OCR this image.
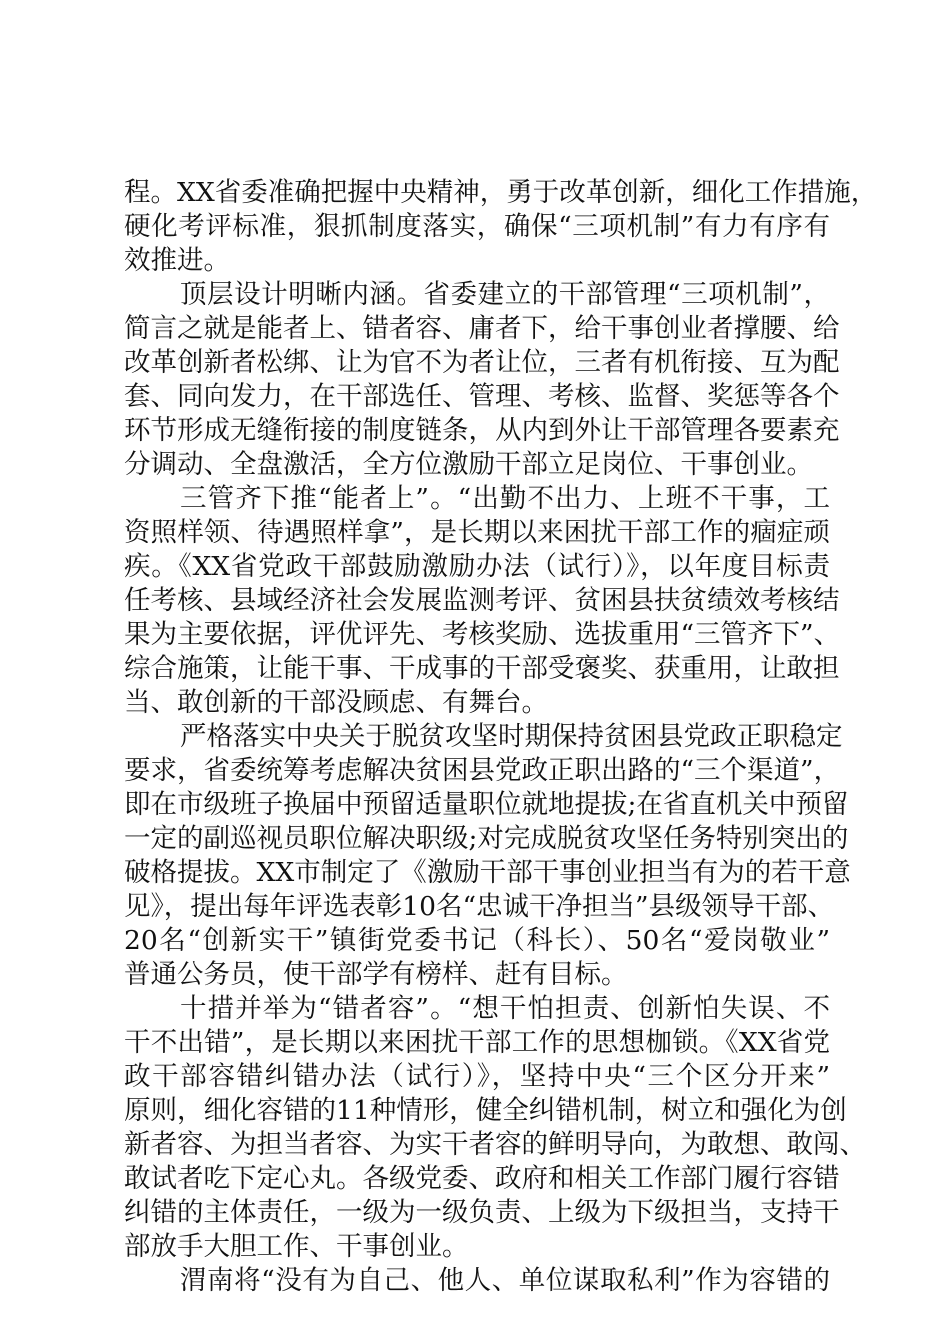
程。XX省委准确把握中央精神，勇于改革创新，细化工作措施，
硬化考评标准，狠抓制度落实，确保“三项机制”有力有序有
效推进。
顶层设计明晰内涵。省委建立的干部管理“三项机制”，
简言之就是能者上、错者容、庸者下，给干事创业者撑腰、给
改革创新者松绑、让为官不为者让位，三者有机衔接、互为配
套、同向发力，在干部选任、管理、考核、监督、奖惩等各个
环节形成无缝衔接的制度链条，从内到外让干部管理各要素充
分调动、全盘激活，全方位激励干部立足岗位、干事创业。
三管齐下推“能者上”。“出勤不出力、上班不干事，工
资照样领、待遇照样拿”，是长期以来困扰干部工作的痼症顽
疾。《XX省党政干部鼓励激励办法（试行）》，以年度目标责
任考核、县域经济社会发展监测考评、贫困县扶贫绩效考核结
果为主要依据，评优评先、考核奖励、选拔重用“三管齐下”、
综合施策，让能干事、干成事的干部受褒奖、获重用，让敢担
当、敢创新的干部没顾虑、有舞台。
严格落实中央关于脱贫攻坚时期保持贫困县党政正职稳定
要求，省委统筹考虑解决贫困县党政正职出路的“三个渠道”，
即在市级班子换届中预留适量职位就地提拔;在省直机关中预留
一定的副巡视员职位解决职级;对完成脱贫攻坚任务特别突出的
破格提拔。XX市制定了《激励干部干事创业担当有为的若干意
见》，提出每年评选表彰10名“忠诚干净担当”县级领导干部、
20名“创新实干”镇街党委书记（科长）、50名“爱岗敬业”
普通公务员，使干部学有榜样、赶有目标。
十措并举为“错者容”。“想干怕担责、创新怕失误、不
干不出错”，是长期以来困扰干部工作的思想枷锁。《XX省党
政干部容错纠错办法（试行）》，坚持中央“三个区分开来”
原则，细化容错的11种情形，健全纠错机制，树立和强化为创
新者容、为担当者容、为实干者容的鲜明导向，为敢想、敢闯、
敢试者吃下定心丸。各级党委、政府和相关工作部门履行容错
纠错的主体责任，一级为一级负责、上级为下级担当，支持干
部放手大胆工作、干事创业。
渭南将“没有为自己、他人、单位谋取私利”作为容错的
